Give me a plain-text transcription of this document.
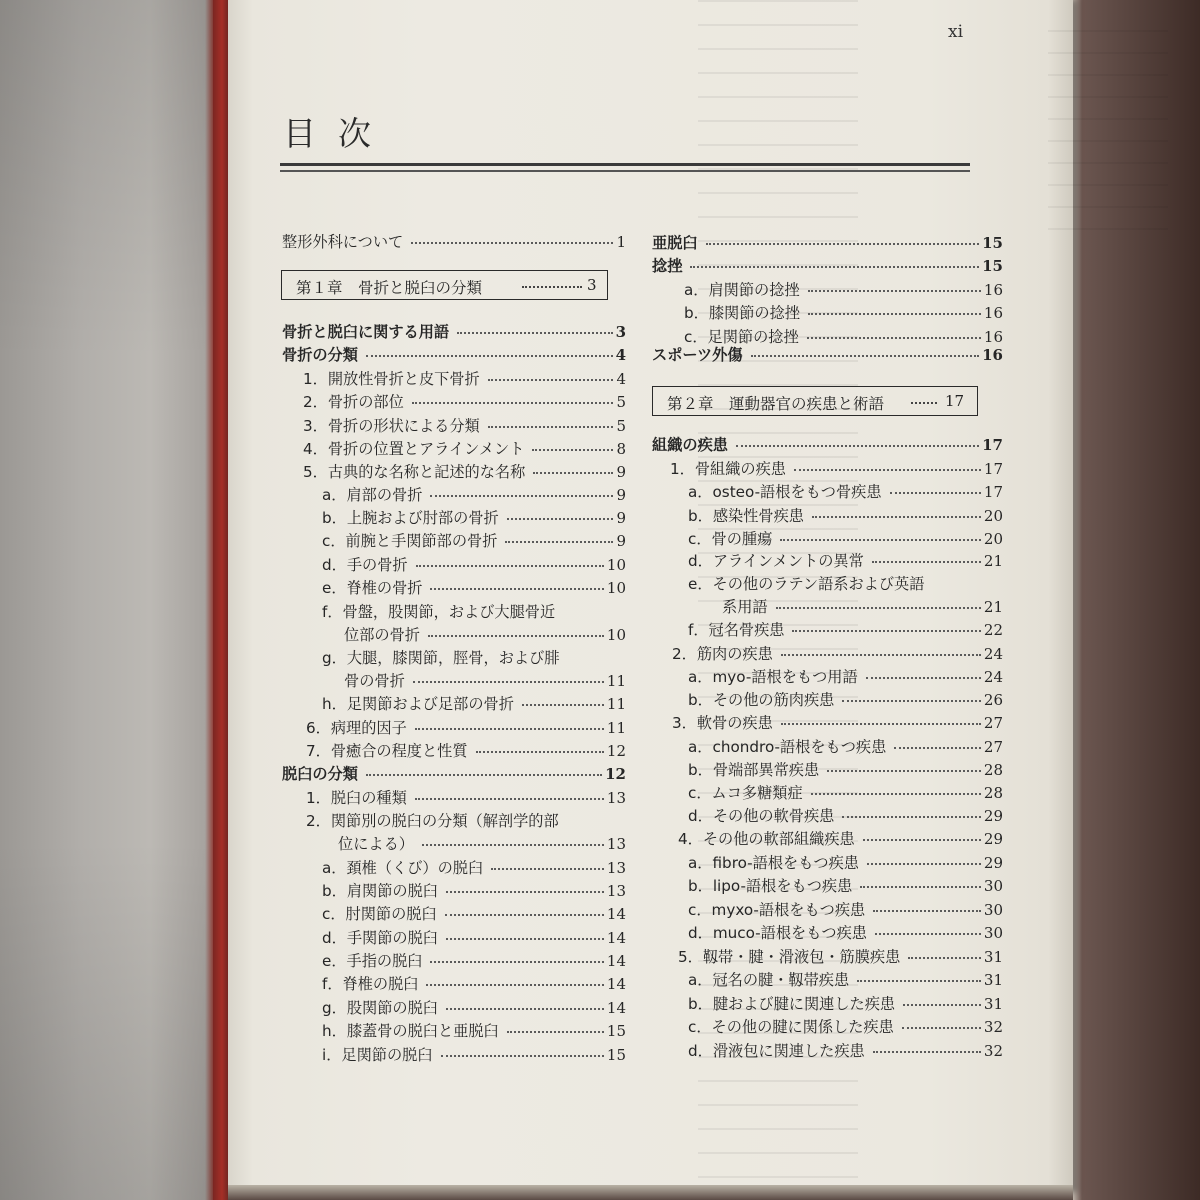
xi
目次
第１章　骨折と脱臼の分類	3
第２章　運動器官の疾患と術語	17
整形外科について	1
骨折と脱臼に関する用語	3
骨折の分類	4
1．開放性骨折と皮下骨折	4
2．骨折の部位	5
3．骨折の形状による分類	5
4．骨折の位置とアラインメント	8
5．古典的な名称と記述的な名称	9
a．肩部の骨折	9
b．上腕および肘部の骨折	9
c．前腕と手関節部の骨折	9
d．手の骨折	10
e．脊椎の骨折	10
f．骨盤，股関節，および大腿骨近
位部の骨折	10
g．大腿，膝関節，脛骨，および腓
骨の骨折	11
h．足関節および足部の骨折	11
6．病理的因子	11
7．骨癒合の程度と性質	12
脱臼の分類	12
1．脱臼の種類	13
2．関節別の脱臼の分類（解剖学的部
位による）	13
a．頚椎（くび）の脱臼	13
b．肩関節の脱臼	13
c．肘関節の脱臼	14
d．手関節の脱臼	14
e．手指の脱臼	14
f．脊椎の脱臼	14
g．股関節の脱臼	14
h．膝蓋骨の脱臼と亜脱臼	15
i．足関節の脱臼	15
亜脱臼	15
捻挫	15
a．肩関節の捻挫	16
b．膝関節の捻挫	16
c．足関節の捻挫	16
スポーツ外傷	16
組織の疾患	17
1．骨組織の疾患	17
a．osteo-語根をもつ骨疾患	17
b．感染性骨疾患	20
c．骨の腫瘍	20
d．アラインメントの異常	21
e．その他のラテン語系および英語
系用語	21
f．冠名骨疾患	22
2．筋肉の疾患	24
a．myo-語根をもつ用語	24
b．その他の筋肉疾患	26
3．軟骨の疾患	27
a．chondro-語根をもつ疾患	27
b．骨端部異常疾患	28
c．ムコ多糖類症	28
d．その他の軟骨疾患	29
4．その他の軟部組織疾患	29
a．fibro-語根をもつ疾患	29
b．lipo-語根をもつ疾患	30
c．myxo-語根をもつ疾患	30
d．muco-語根をもつ疾患	30
5．靱帯・腱・滑液包・筋膜疾患	31
a．冠名の腱・靱帯疾患	31
b．腱および腱に関連した疾患	31
c．その他の腱に関係した疾患	32
d．滑液包に関連した疾患	32
